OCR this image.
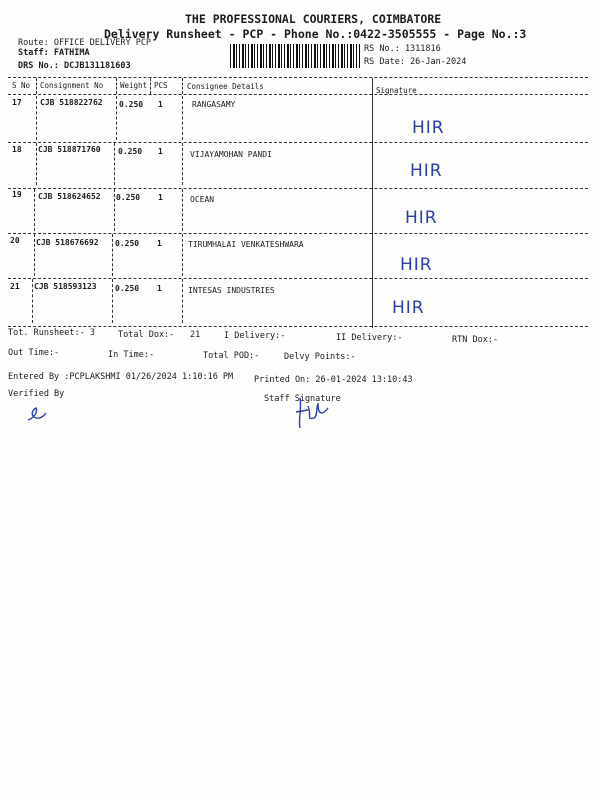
THE PROFESSIONAL COURIERS, COIMBATORE
Delivery Runsheet - PCP - Phone No.:0422-3505555 - Page No.:3
Route: OFFICE DELIVERY PCP
Staff: FATHIMA
DRS No.: DCJB131181603
RS No.: 1311816
RS Date: 26-Jan-2024
S No Consignment No Weight PCS	Consignee Details	Signature
17 CJB 518822762 0.250 1	RANGASAMY
HIR
18 CJB 518871760 0.250 1	VIJAYAMOHAN PANDI
HIR
19 CJB 518624652 0.250 1	OCEAN
HIR
20 CJB 518676692 0.250 1	TIRUMHALAI VENKATESHWARA
HIR
21 CJB 518593123 0.250 1	INTESAS INDUSTRIES
HIR
Tot. Runsheet:- 3	Total Dox:- 21	I Delivery:-	II Delivery:-	RTN Dox:-
Out Time:-	In Time:-	Total POD:-	Delvy Points:-
Entered By :PCPLAKSHMI 01/26/2024 1:10:16 PM Printed On: 26-01-2024 13:10:43
Verified By	Staff Signature
